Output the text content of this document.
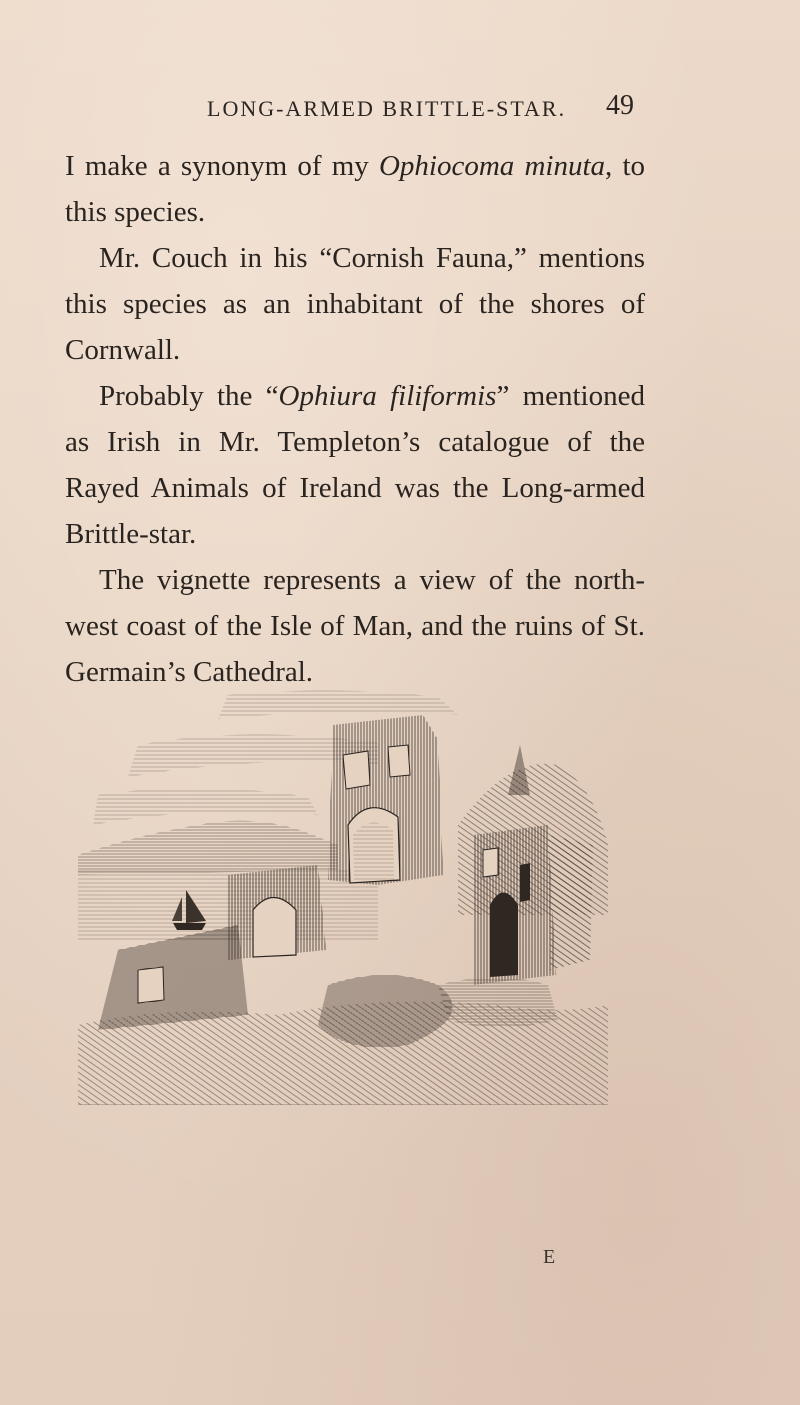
LONG-ARMED BRITTLE-STAR. 49

I make a synonym of my Ophiocoma minuta, to this species.

Mr. Couch in his “Cornish Fauna,” mentions this species as an inhabitant of the shores of Cornwall.

Probably the “Ophiura filiformis” mentioned as Irish in Mr. Templeton’s catalogue of the Rayed Animals of Ireland was the Long-armed Brittle-star.

The vignette represents a view of the north-west coast of the Isle of Man, and the ruins of St. Germain’s Cathedral.

E
